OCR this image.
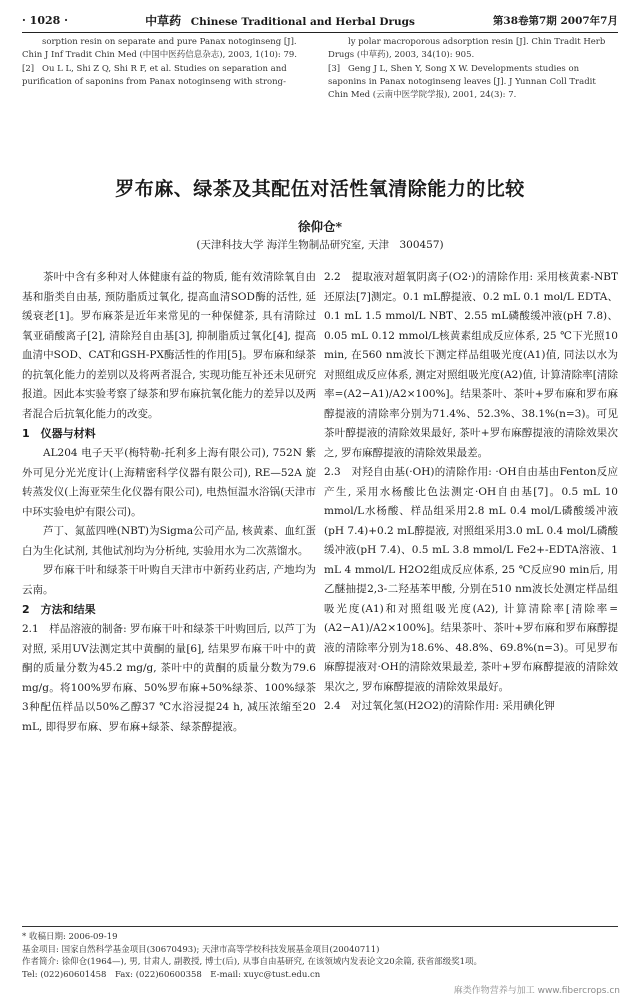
· 1028 ·	中草药 Chinese Traditional and Herbal Drugs	第38卷第7期 2007年7月
sorption resin on separate and pure Panax notoginseng [J]. Chin J Inf Tradit Chin Med (中国中医药信息杂志), 2003, 1(10): 79.
[2] Ou L L, Shi Z Q, Shi R F, et al. Studies on separation and purification of saponins from Panax notoginseng with strong-
ly polar macroporous adsorption resin [J]. Chin Tradit Herb Drugs (中草药), 2003, 34(10): 905.
[3] Geng J L, Shen Y, Song X W. Developments studies on saponins in Panax notoginseng leaves [J]. J Yunnan Coll Tradit Chin Med (云南中医学院学报), 2001, 24(3): 7.
罗布麻、绿茶及其配伍对活性氧清除能力的比较
徐仰仓*
(天津科技大学 海洋生物制品研究室, 天津　300457)

茶叶中含有多种对人体健康有益的物质, 能有效清除氧自由基和脂类自由基, 预防脂质过氧化, 提高血清SOD酶的活性, 延缓衰老[1]。罗布麻茶是近年来常见的一种保健茶, 具有清除过氧亚硝酸离子[2], 清除羟自由基[3], 抑制脂质过氧化[4], 提高血清中SOD、CAT和GSH-PX酶活性的作用[5]。罗布麻和绿茶的抗氧化能力的差别以及将两者混合, 实现功能互补还未见研究报道。因此本实验考察了绿茶和罗布麻抗氧化能力的差异以及两者混合后抗氧化能力的改变。

1　仪器与材料

AL204 电子天平(梅特勒-托利多上海有限公司), 752N 紫外可见分光光度计(上海精密科学仪器有限公司), RE—52A 旋转蒸发仪(上海亚荣生化仪器有限公司), 电热恒温水浴锅(天津市中环实验电炉有限公司)。

芦丁、氮蓝四唑(NBT)为Sigma公司产品, 核黄素、血红蛋白为生化试剂, 其他试剂均为分析纯, 实验用水为二次蒸馏水。

罗布麻干叶和绿茶干叶购自天津市中新药业药店, 产地均为云南。

2　方法和结果

2.1　样品溶液的制备: 罗布麻干叶和绿茶干叶购回后, 以芦丁为对照, 采用UV法测定其中黄酮的量[6], 结果罗布麻干叶中的黄酮的质量分数为45.2 mg/g, 茶叶中的黄酮的质量分数为79.6 mg/g。将100%罗布麻、50%罗布麻+50%绿茶、100%绿茶3种配伍样品以50%乙醇37 ℃水浴浸提24 h, 减压浓缩至20 mL, 即得罗布麻、罗布麻+绿茶、绿茶醇提液。

2.2　提取液对超氧阴离子(O2·)的清除作用: 采用核黄素-NBT还原法[7]测定。0.1 mL醇提液、0.2 mL 0.1 mol/L EDTA、0.1 mL 1.5 mmol/L NBT、2.55 mL磷酸缓冲液(pH 7.8)、0.05 mL 0.12 mmol/L核黄素组成反应体系, 25 ℃下光照10 min, 在560 nm波长下测定样品组吸光度(A1)值, 同法以水为对照组成反应体系, 测定对照组吸光度(A2)值, 计算清除率[清除率=(A2−A1)/A2×100%]。结果茶叶、茶叶+罗布麻和罗布麻醇提液的清除率分别为71.4%、52.3%、38.1%(n=3)。可见茶叶醇提液的清除效果最好, 茶叶+罗布麻醇提液的清除效果次之, 罗布麻醇提液的清除效果最差。

2.3　对羟自由基(·OH)的清除作用: ·OH自由基由Fenton反应产生, 采用水杨酸比色法测定·OH自由基[7]。0.5 mL 10 mmol/L水杨酸、样品组采用2.8 mL 0.4 mol/L磷酸缓冲液(pH 7.4)+0.2 mL醇提液, 对照组采用3.0 mL 0.4 mol/L磷酸缓冲液(pH 7.4)、0.5 mL 3.8 mmol/L Fe2+-EDTA溶液、1 mL 4 mmol/L H2O2组成反应体系, 25 ℃反应90 min后, 用乙醚抽提2,3-二羟基苯甲酸, 分别在510 nm波长处测定样品组吸光度(A1)和对照组吸光度(A2), 计算清除率[清除率=(A2−A1)/A2×100%]。结果茶叶、茶叶+罗布麻和罗布麻醇提液的清除率分别为18.6%、48.8%、69.8%(n=3)。可见罗布麻醇提液对·OH的清除效果最差, 茶叶+罗布麻醇提液的清除效果次之, 罗布麻醇提液的清除效果最好。

2.4　对过氧化氢(H2O2)的清除作用: 采用碘化钾

* 收稿日期: 2006-09-19

基金项目: 国家自然科学基金项目(30670493); 天津市高等学校科技发展基金项目(20040711)

作者简介: 徐仰仓(1964—), 男, 甘肃人, 副教授, 博士(后), 从事自由基研究, 在该领域内发表论文20余篇, 获省部级奖1项。

Tel: (022)60601458　Fax: (022)60600358　E-mail: xuyc@tust.edu.cn

麻类作物营养与加工 www.fibercrops.cn
